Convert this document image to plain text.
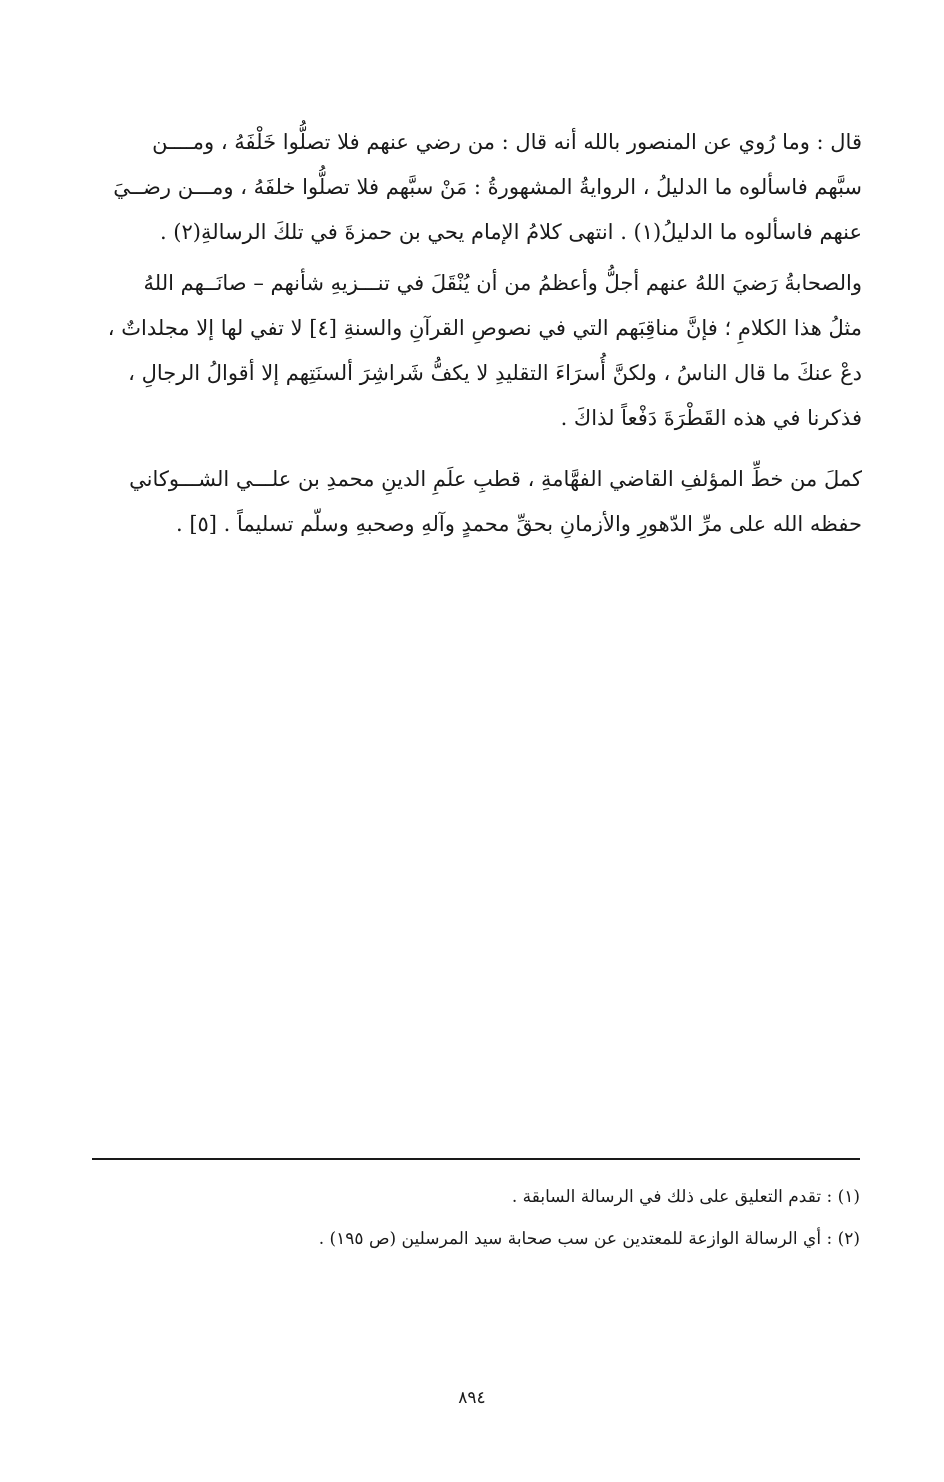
قال : وما رُوي عن المنصور بالله أنه قال : من رضي عنهم فلا تصلُّوا خَلْفَهُ ، ومــــن
سبَّهم فاسألوه ما الدليلُ ، الروايةُ المشهورةُ : مَنْ سبَّهم فلا تصلُّوا خلفَهُ ، ومـــن رضــيَ
عنهم فاسألوه ما الدليلُ(١) . انتهى كلامُ الإمام يحي بن حمزةَ في تلكَ الرسالةِ(٢) .

والصحابةُ رَضيَ اللهُ عنهم أجلُّ وأعظمُ من أن يُنْقَلَ في تنـــزيهِ شأنهم – صانَــهم اللهُ
مثلُ هذا الكلامِ ؛ فإنَّ مناقِبَهم التي في نصوصِ القرآنِ والسنةِ [٤] لا تفي لها إلا مجلداتٌ ،
دعْ عنكَ ما قال الناسُ ، ولكنَّ أُسرَاءَ التقليدِ لا يكفُّ شَراشِرَ ألسنَتِهم إلا أقوالُ الرجالِ ،
فذكرنا في هذه القَطْرَةَ دَفْعاً لذاكَ .

كملَ من خطِّ المؤلفِ القاضي الفهَّامةِ ، قطبِ علَمِ الدينِ محمدِ بن علـــي الشـــوكاني
حفظه الله على مرِّ الدّهورِ والأزمانِ بحقِّ محمدٍ وآلهِ وصحبهِ وسلّم تسليماً . [٥] .

(١) : تقدم التعليق على ذلك في الرسالة السابقة .

(٢) : أي الرسالة الوازعة للمعتدين عن سب صحابة سيد المرسلين (ص ١٩٥) .

٨٩٤
